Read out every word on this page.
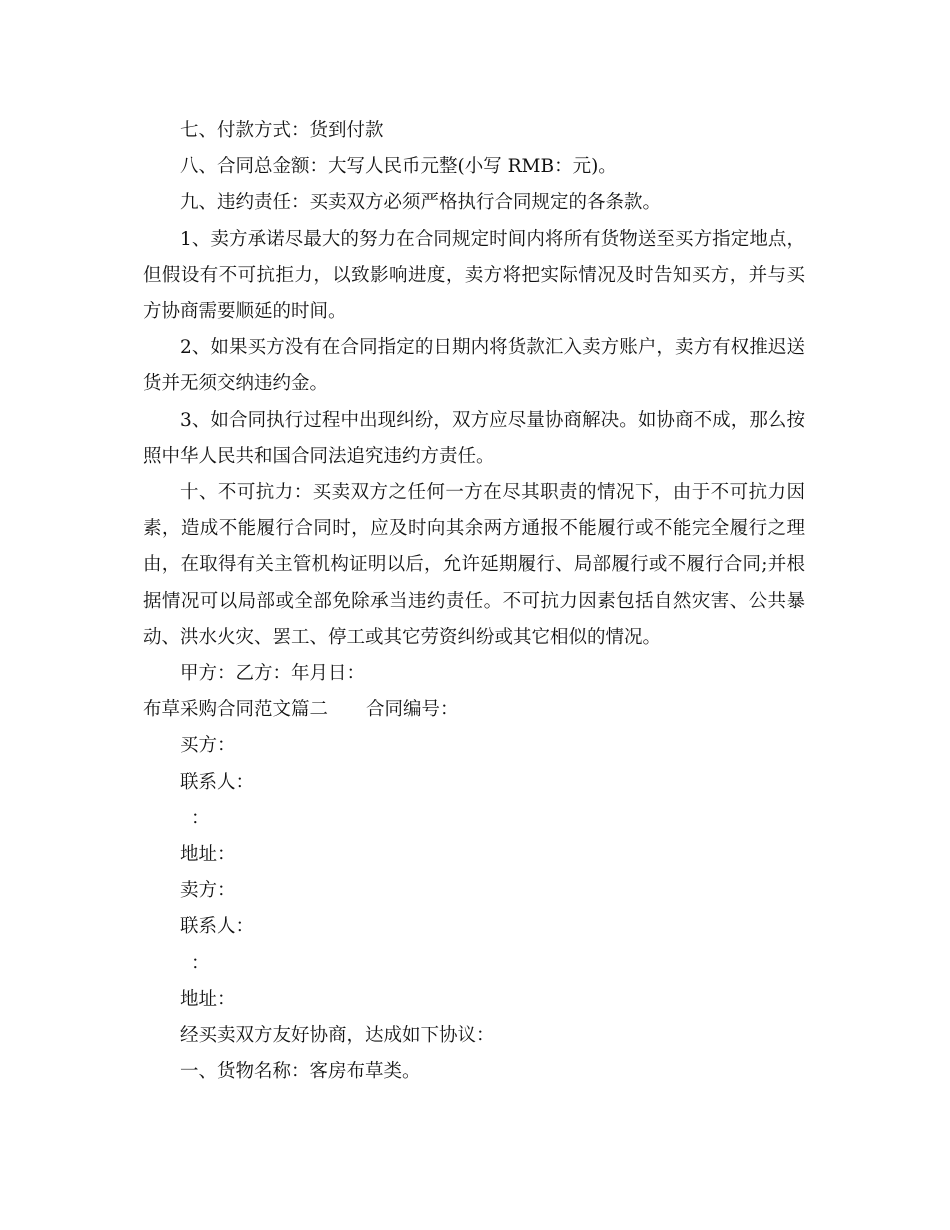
七、付款方式：货到付款

八、合同总金额：大写人民币元整(小写 RMB：元)。

九、违约责任：买卖双方必须严格执行合同规定的各条款。

1、卖方承诺尽最大的努力在合同规定时间内将所有货物送至买方指定地点，但假设有不可抗拒力，以致影响进度，卖方将把实际情况及时告知买方，并与买方协商需要顺延的时间。

2、如果买方没有在合同指定的日期内将货款汇入卖方账户，卖方有权推迟送货并无须交纳违约金。

3、如合同执行过程中出现纠纷，双方应尽量协商解决。如协商不成，那么按照中华人民共和国合同法追究违约方责任。

十、不可抗力：买卖双方之任何一方在尽其职责的情况下，由于不可抗力因素，造成不能履行合同时，应及时向其余两方通报不能履行或不能完全履行之理由，在取得有关主管机构证明以后，允许延期履行、局部履行或不履行合同;并根据情况可以局部或全部免除承当违约责任。不可抗力因素包括自然灾害、公共暴动、洪水火灾、罢工、停工或其它劳资纠纷或其它相似的情况。

甲方：乙方：年月日：

布草采购合同范文篇二 合同编号：

买方：

联系人：

：

地址：

卖方：

联系人：

：

地址：

经买卖双方友好协商，达成如下协议：

一、货物名称：客房布草类。
